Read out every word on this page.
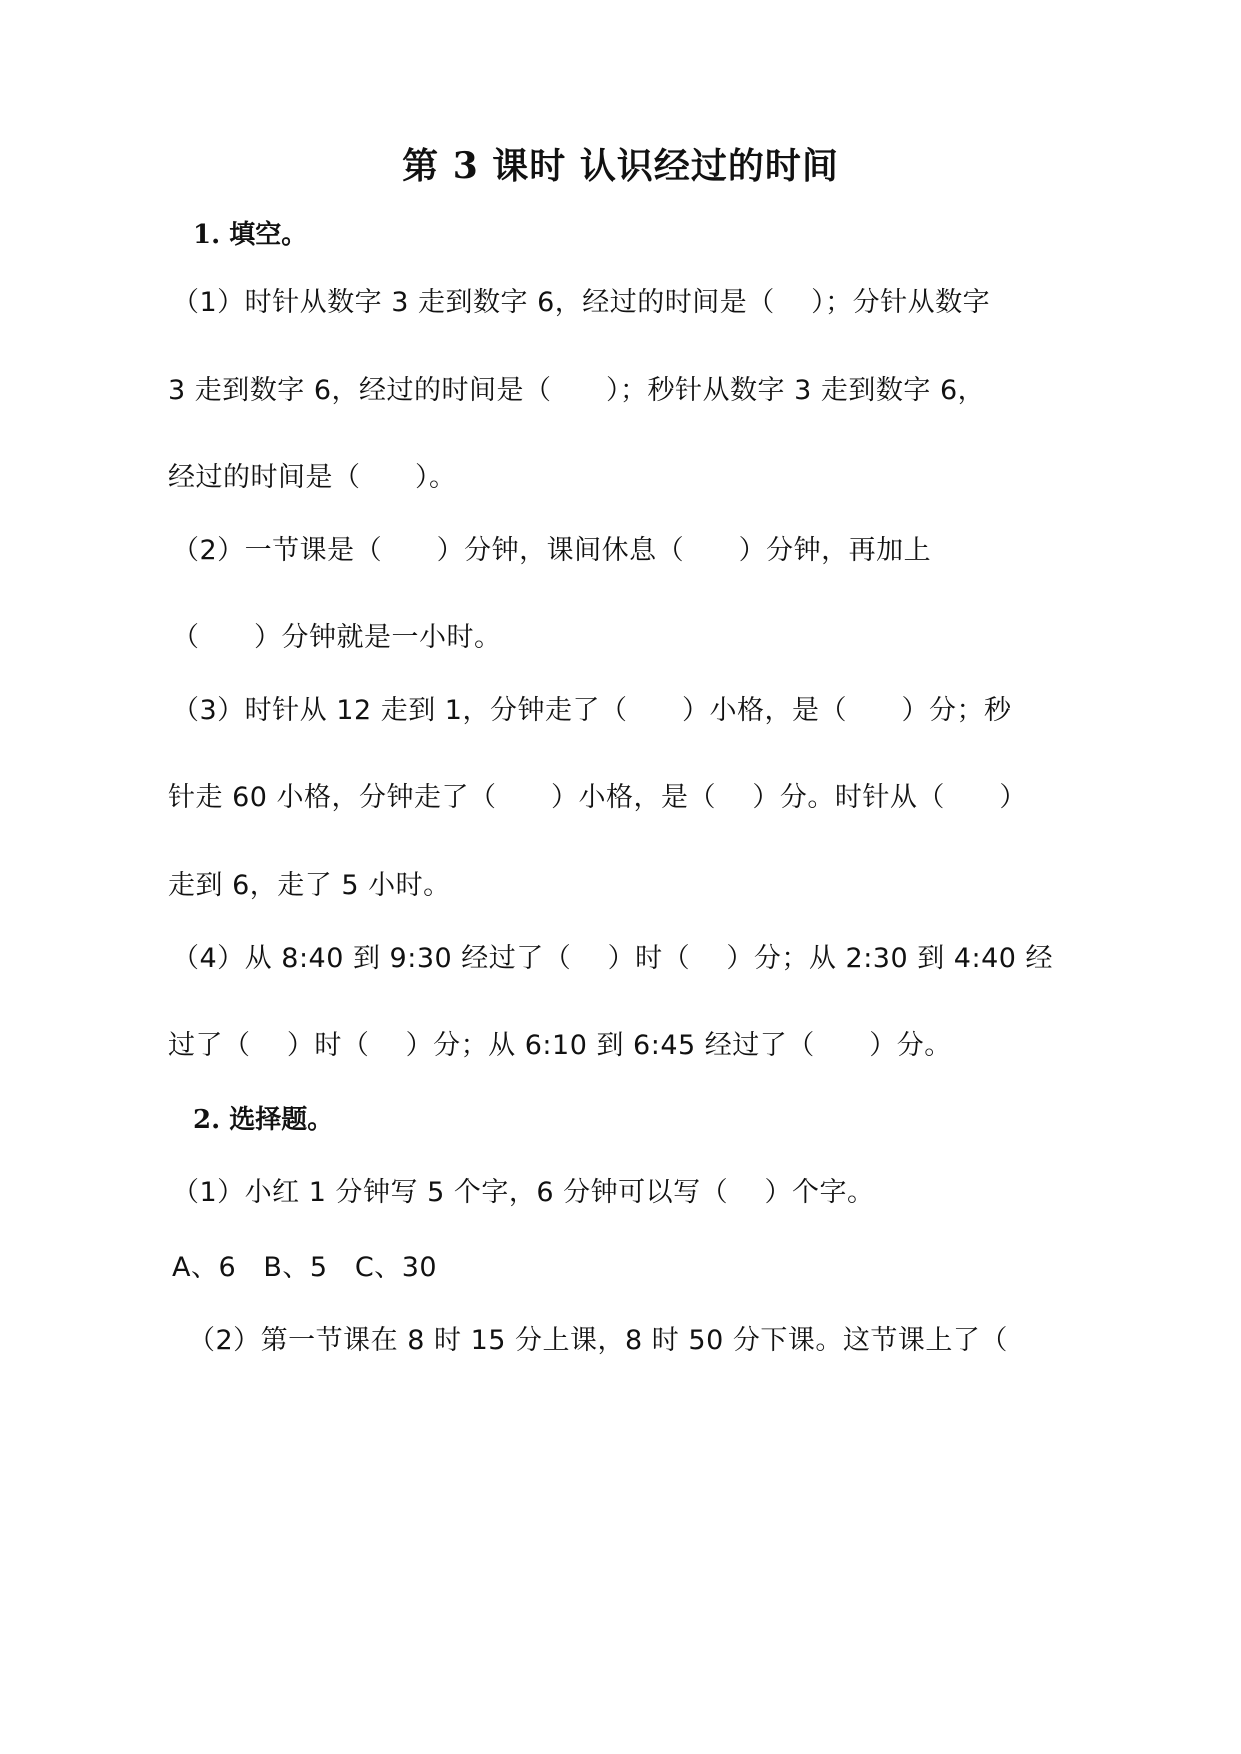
第 3 课时 认识经过的时间
1. 填空。

（1）时针从数字 3 走到数字 6，经过的时间是（    ）；分针从数字

3 走到数字 6，经过的时间是（      ）；秒针从数字 3 走到数字 6，

经过的时间是（      ）。

（2）一节课是（      ）分钟，课间休息（      ）分钟，再加上

（      ）分钟就是一小时。

（3）时针从 12 走到 1，分钟走了（      ）小格，是（      ）分；秒

针走 60 小格，分钟走了（      ）小格，是（    ）分。时针从（      ）

走到 6，走了 5 小时。

（4）从 8:40 到 9:30 经过了（    ）时（    ）分；从 2:30 到 4:40 经

过了（    ）时（    ）分；从 6:10 到 6:45 经过了（      ）分。

2. 选择题。

（1）小红 1 分钟写 5 个字，6 分钟可以写（    ）个字。

A、6   B、5   C、30

（2）第一节课在 8 时 15 分上课，8 时 50 分下课。这节课上了（
